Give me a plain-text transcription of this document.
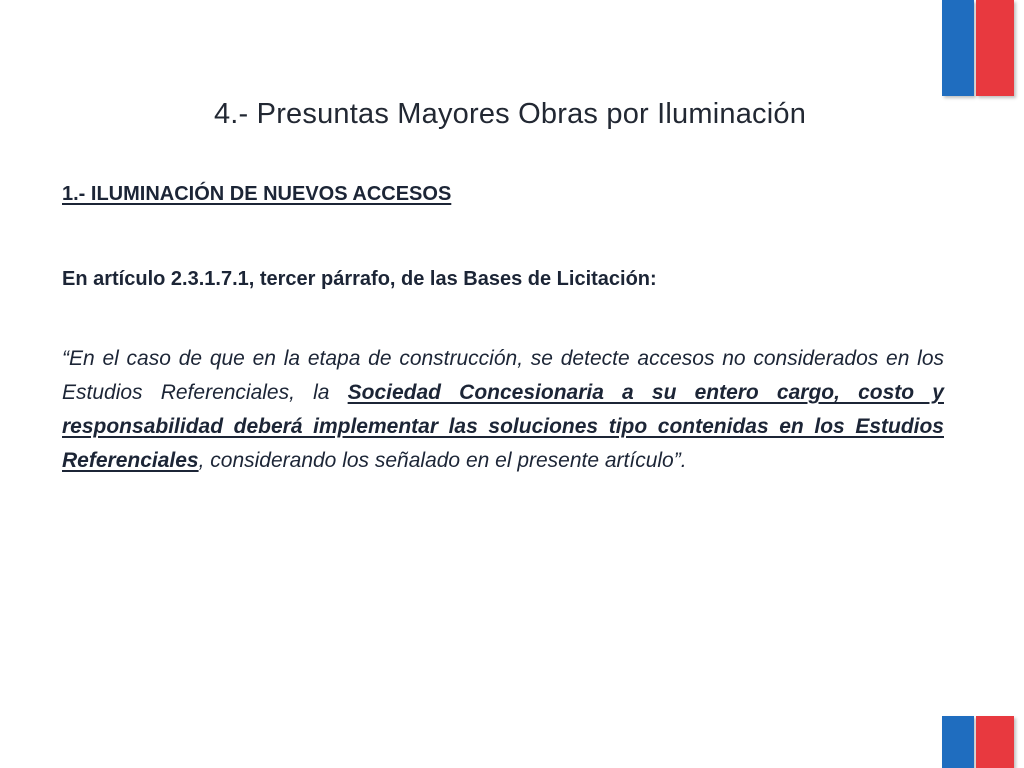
4.- Presuntas Mayores Obras por Iluminación
1.- ILUMINACIÓN DE NUEVOS ACCESOS
En artículo 2.3.1.7.1, tercer párrafo, de las Bases de Licitación:
“En el caso de que en la etapa de construcción, se detecte accesos no considerados en los Estudios Referenciales, la Sociedad Concesionaria a su entero cargo, costo y responsabilidad deberá implementar las soluciones tipo contenidas en los Estudios Referenciales, considerando los señalado en el presente artículo”.
